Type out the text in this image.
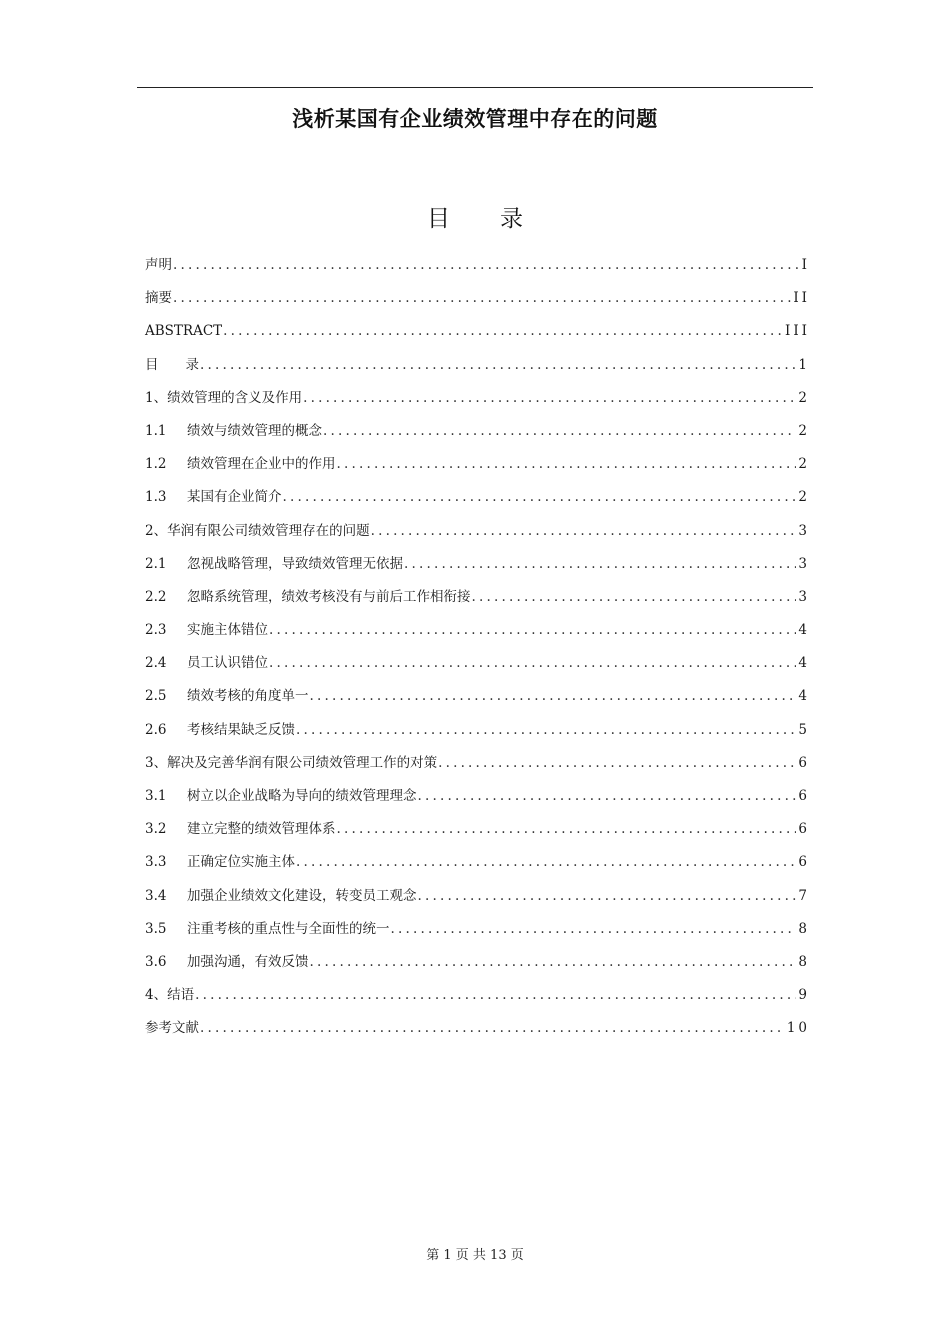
浅析某国有企业绩效管理中存在的问题
目 录
声明 .....	I
摘要 .....	II
ABSTRACT .....	III
目　　录 .....	1
1、绩效管理的含义及作用 .....	2
1.1	绩效与绩效管理的概念 .....	2
1.2	绩效管理在企业中的作用 .....	2
1.3	某国有企业简介 .....	2
2、华润有限公司绩效管理存在的问题 .....	3
2.1	忽视战略管理，导致绩效管理无依据 .....	3
2.2	忽略系统管理，绩效考核没有与前后工作相衔接 .....	3
2.3	实施主体错位 .....	4
2.4	员工认识错位 .....	4
2.5	绩效考核的角度单一 .....	4
2.6	考核结果缺乏反馈 .....	5
3、解决及完善华润有限公司绩效管理工作的对策 .....	6
3.1	树立以企业战略为导向的绩效管理理念 .....	6
3.2	建立完整的绩效管理体系 .....	6
3.3	正确定位实施主体 .....	6
3.4	加强企业绩效文化建设，转变员工观念 .....	7
3.5	注重考核的重点性与全面性的统一 .....	8
3.6	加强沟通，有效反馈 .....	8
4、结语 .....	9
参考文献 .....	10
第 1 页 共 13 页
